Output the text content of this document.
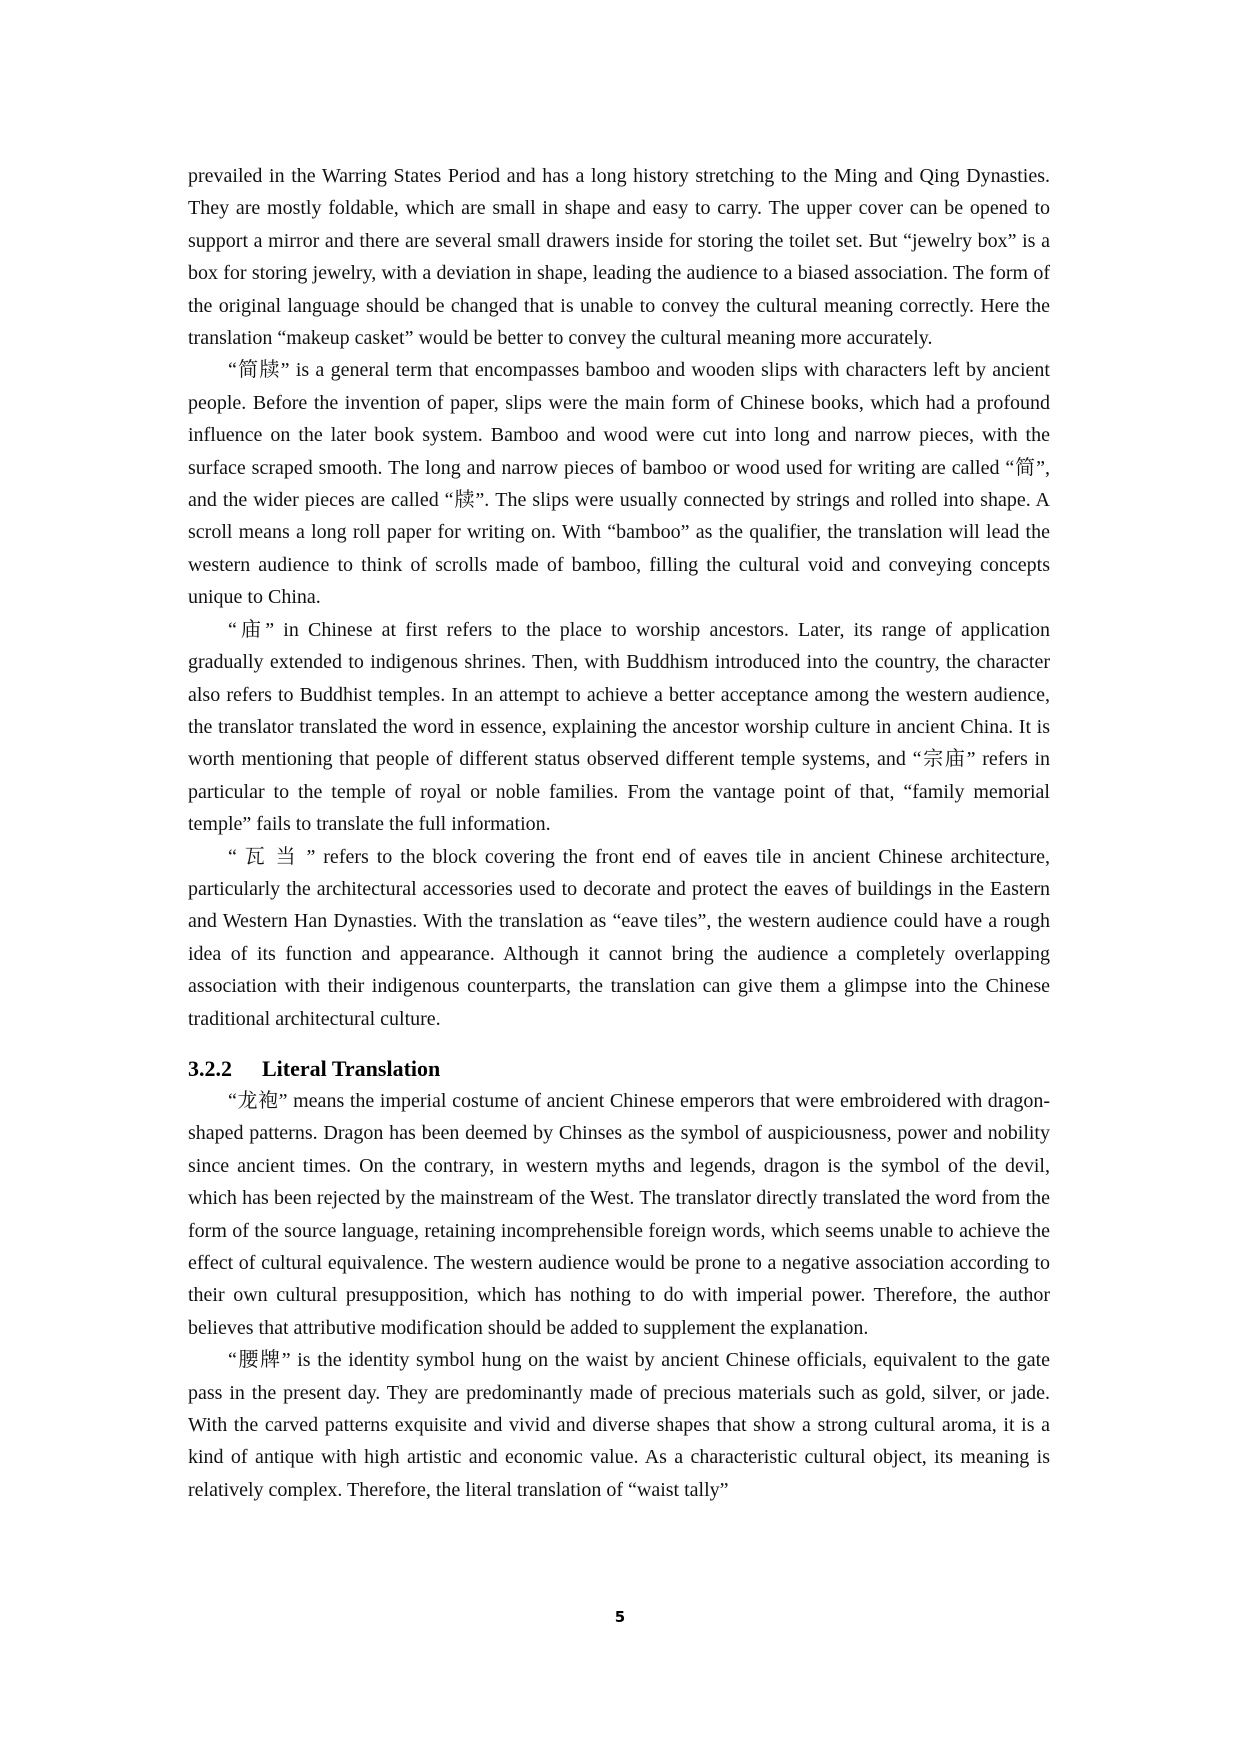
prevailed in the Warring States Period and has a long history stretching to the Ming and Qing Dynasties. They are mostly foldable, which are small in shape and easy to carry. The upper cover can be opened to support a mirror and there are several small drawers inside for storing the toilet set. But “jewelry box” is a box for storing jewelry, with a deviation in shape, leading the audience to a biased association. The form of the original language should be changed that is unable to convey the cultural meaning correctly. Here the translation “makeup casket” would be better to convey the cultural meaning more accurately.

“简牍” is a general term that encompasses bamboo and wooden slips with characters left by ancient people. Before the invention of paper, slips were the main form of Chinese books, which had a profound influence on the later book system. Bamboo and wood were cut into long and narrow pieces, with the surface scraped smooth. The long and narrow pieces of bamboo or wood used for writing are called “简”, and the wider pieces are called “牍”. The slips were usually connected by strings and rolled into shape. A scroll means a long roll paper for writing on. With “bamboo” as the qualifier, the translation will lead the western audience to think of scrolls made of bamboo, filling the cultural void and conveying concepts unique to China.

“庙” in Chinese at first refers to the place to worship ancestors. Later, its range of application gradually extended to indigenous shrines. Then, with Buddhism introduced into the country, the character also refers to Buddhist temples. In an attempt to achieve a better acceptance among the western audience, the translator translated the word in essence, explaining the ancestor worship culture in ancient China. It is worth mentioning that people of different status observed different temple systems, and “宗庙” refers in particular to the temple of royal or noble families. From the vantage point of that, “family memorial temple” fails to translate the full information.

“ 瓦 当 ” refers to the block covering the front end of eaves tile in ancient Chinese architecture, particularly the architectural accessories used to decorate and protect the eaves of buildings in the Eastern and Western Han Dynasties. With the translation as “eave tiles”, the western audience could have a rough idea of its function and appearance. Although it cannot bring the audience a completely overlapping association with their indigenous counterparts, the translation can give them a glimpse into the Chinese traditional architectural culture.

3.2.2 Literal Translation

“龙袍” means the imperial costume of ancient Chinese emperors that were embroidered with dragon-shaped patterns. Dragon has been deemed by Chinses as the symbol of auspiciousness, power and nobility since ancient times. On the contrary, in western myths and legends, dragon is the symbol of the devil, which has been rejected by the mainstream of the West. The translator directly translated the word from the form of the source language, retaining incomprehensible foreign words, which seems unable to achieve the effect of cultural equivalence. The western audience would be prone to a negative association according to their own cultural presupposition, which has nothing to do with imperial power. Therefore, the author believes that attributive modification should be added to supplement the explanation.

“腰牌” is the identity symbol hung on the waist by ancient Chinese officials, equivalent to the gate pass in the present day. They are predominantly made of precious materials such as gold, silver, or jade. With the carved patterns exquisite and vivid and diverse shapes that show a strong cultural aroma, it is a kind of antique with high artistic and economic value. As a characteristic cultural object, its meaning is relatively complex. Therefore, the literal translation of “waist tally”

5
